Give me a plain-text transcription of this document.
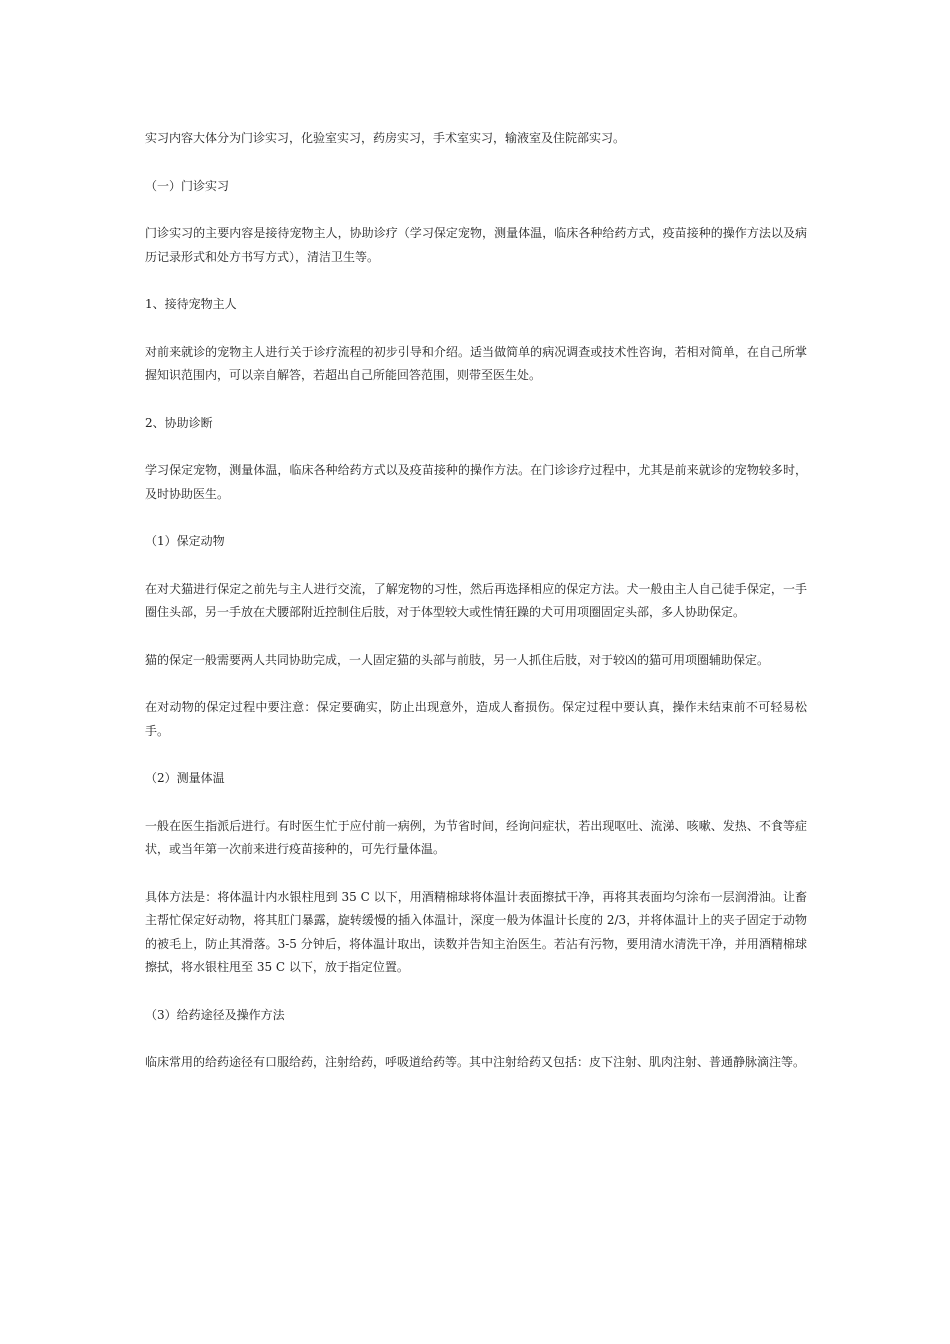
实习内容大体分为门诊实习，化验室实习，药房实习，手术室实习，输液室及住院部实习。

（一）门诊实习

门诊实习的主要内容是接待宠物主人，协助诊疗（学习保定宠物，测量体温，临床各种给药方式，疫苗接种的操作方法以及病历记录形式和处方书写方式），清洁卫生等。

1、接待宠物主人

对前来就诊的宠物主人进行关于诊疗流程的初步引导和介绍。适当做简单的病况调查或技术性咨询，若相对简单，在自己所掌握知识范围内，可以亲自解答，若超出自己所能回答范围，则带至医生处。

2、协助诊断

学习保定宠物，测量体温，临床各种给药方式以及疫苗接种的操作方法。在门诊诊疗过程中，尤其是前来就诊的宠物较多时，及时协助医生。

（1）保定动物

在对犬猫进行保定之前先与主人进行交流，了解宠物的习性，然后再选择相应的保定方法。犬一般由主人自己徒手保定，一手圈住头部，另一手放在犬腰部附近控制住后肢，对于体型较大或性情狂躁的犬可用项圈固定头部，多人协助保定。

猫的保定一般需要两人共同协助完成，一人固定猫的头部与前肢，另一人抓住后肢，对于较凶的猫可用项圈辅助保定。

在对动物的保定过程中要注意：保定要确实，防止出现意外，造成人畜损伤。保定过程中要认真，操作未结束前不可轻易松手。

（2）测量体温

一般在医生指派后进行。有时医生忙于应付前一病例，为节省时间，经询问症状，若出现呕吐、流涕、咳嗽、发热、不食等症状，或当年第一次前来进行疫苗接种的，可先行量体温。

具体方法是：将体温计内水银柱甩到 35 C 以下，用酒精棉球将体温计表面擦拭干净，再将其表面均匀涂布一层润滑油。让畜主帮忙保定好动物，将其肛门暴露，旋转缓慢的插入体温计，深度一般为体温计长度的 2/3，并将体温计上的夹子固定于动物的被毛上，防止其滑落。3-5 分钟后，将体温计取出，读数并告知主治医生。若沾有污物，要用清水清洗干净，并用酒精棉球擦拭，将水银柱甩至 35 C 以下，放于指定位置。

（3）给药途径及操作方法

临床常用的给药途径有口服给药，注射给药，呼吸道给药等。其中注射给药又包括：皮下注射、肌肉注射、普通静脉滴注等。
